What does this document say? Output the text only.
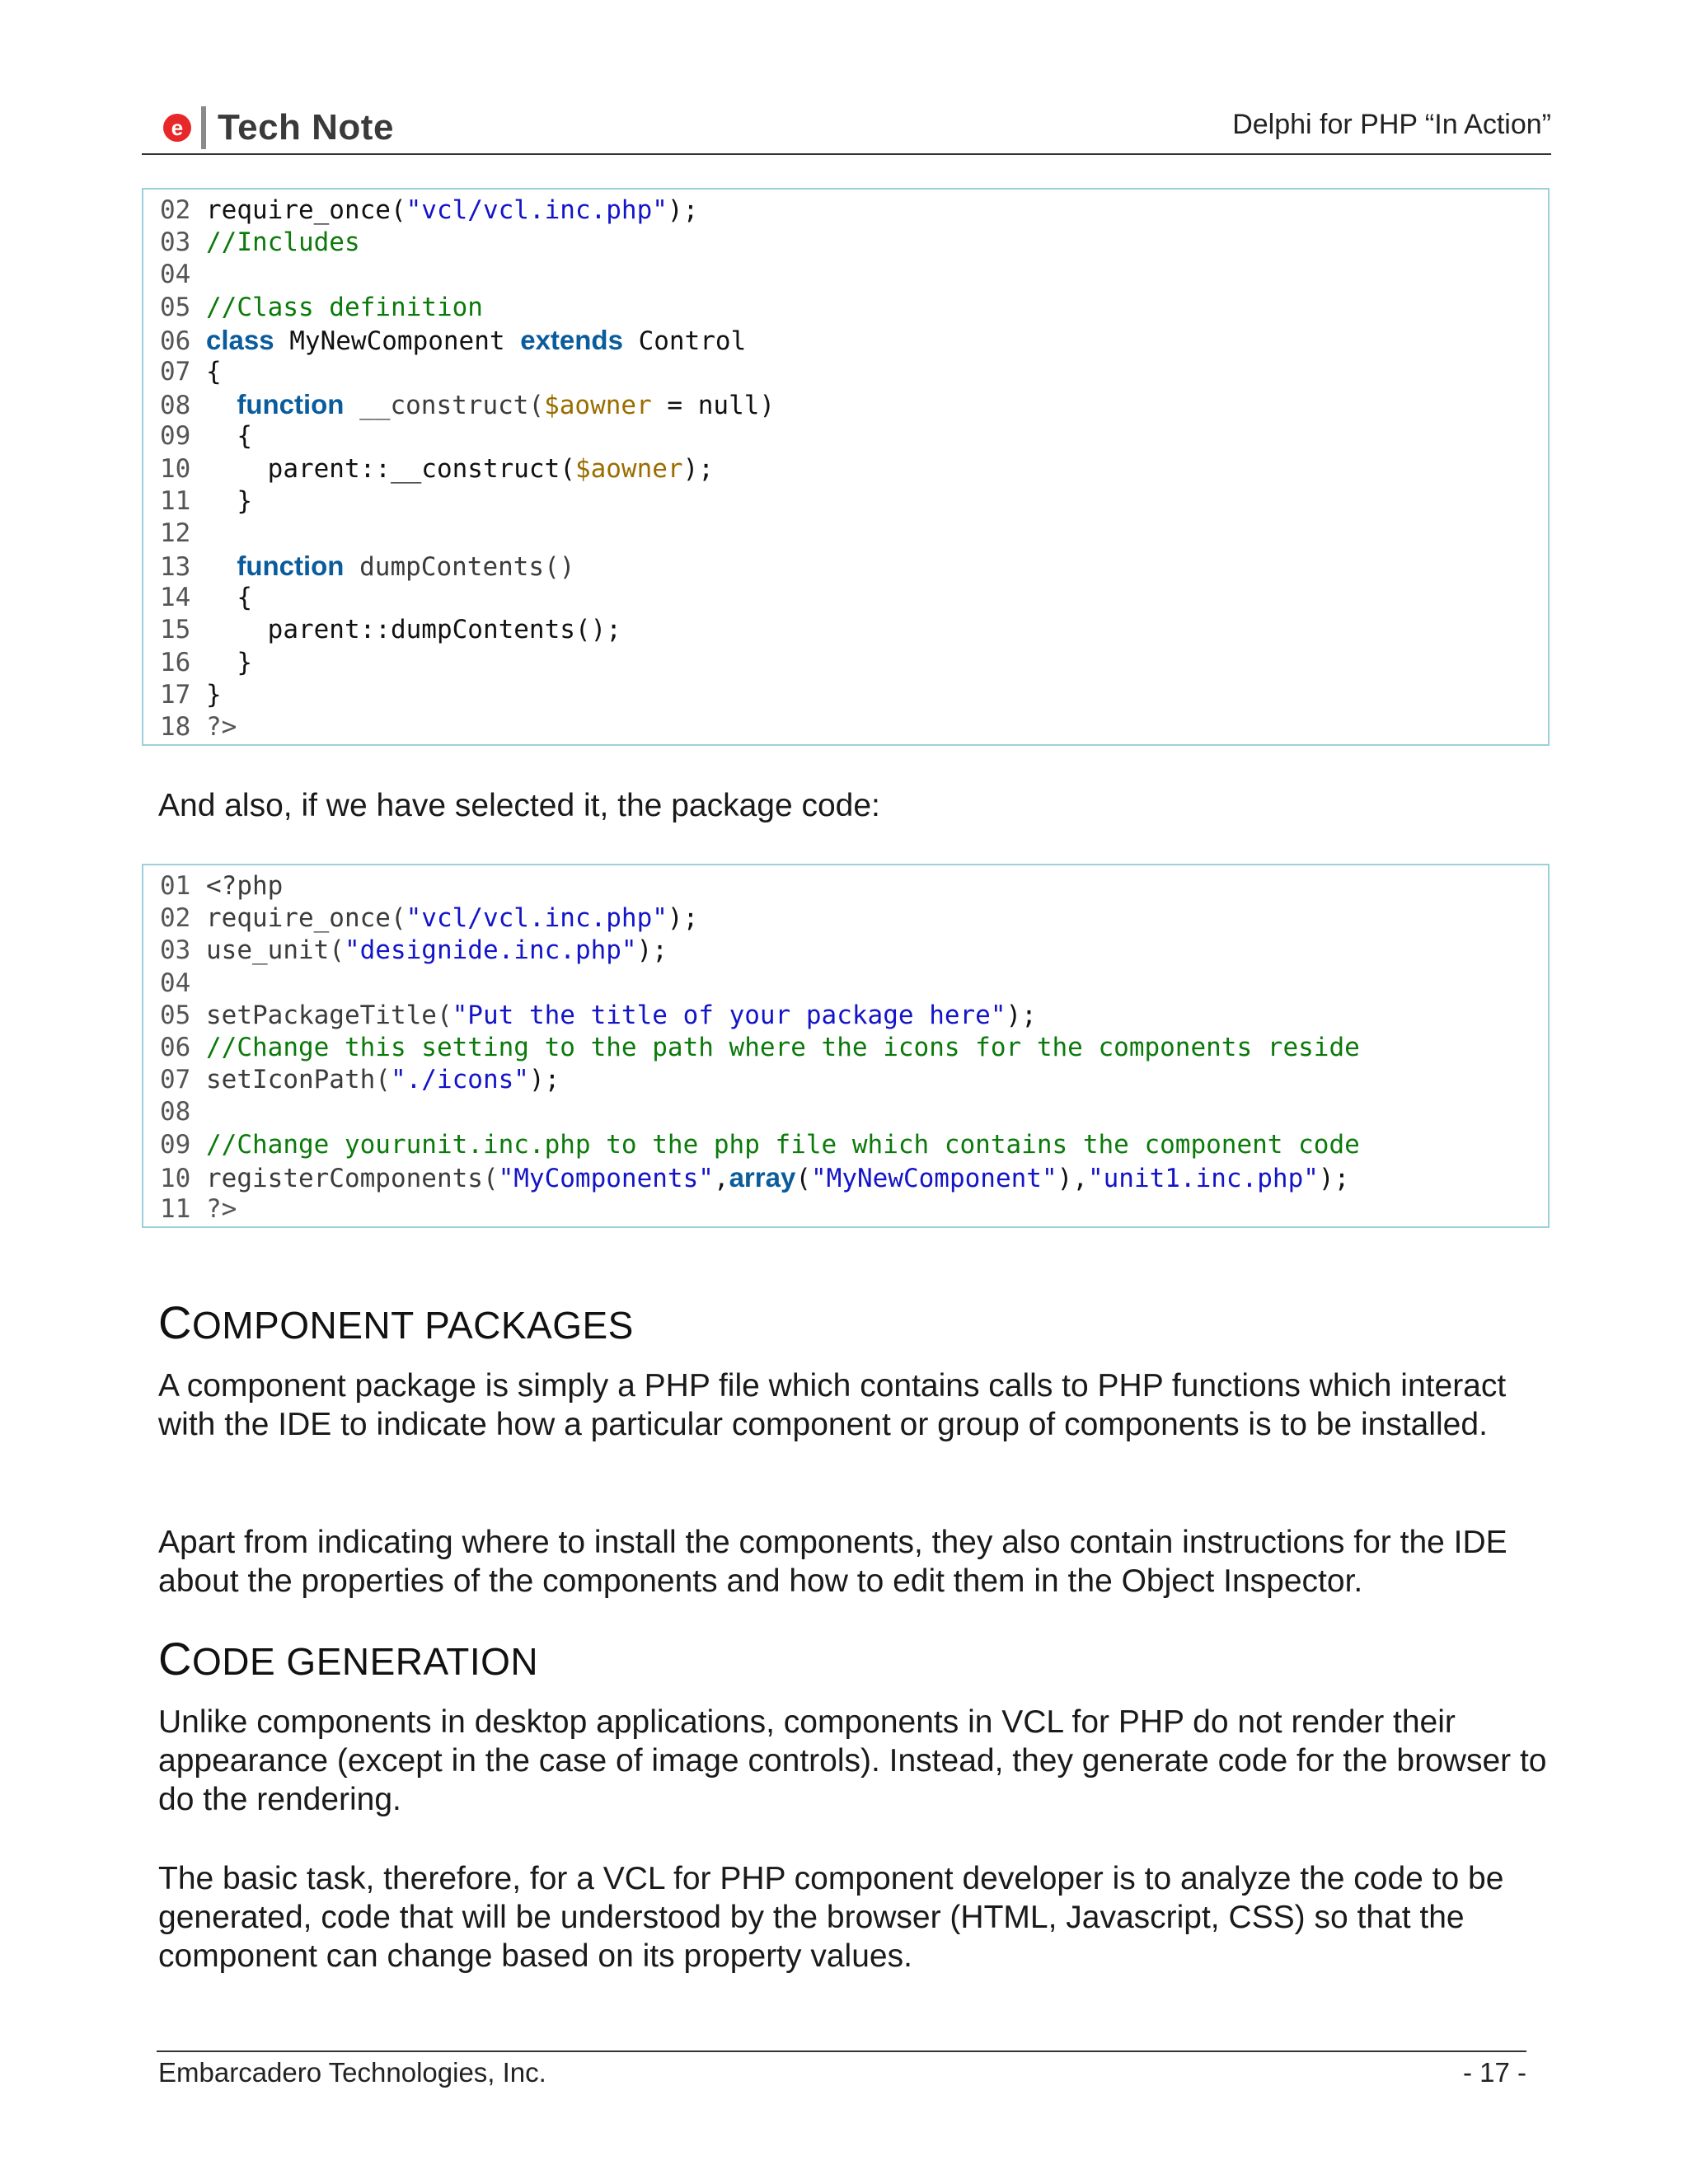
e Tech Note	Delphi for PHP “In Action”
02 require_once("vcl/vcl.inc.php");
03 //Includes
04
05 //Class definition
06 class MyNewComponent extends Control
07 {
08 function __construct($aowner = null)
09   {
10     parent::__construct($aowner);
11   }
12
13 function dumpContents()
14   {
15     parent::dumpContents();
16   }
17 }
18 ?>
And also, if we have selected it, the package code:
01 <?php
02 require_once("vcl/vcl.inc.php");
03 use_unit("designide.inc.php");
04
05 setPackageTitle("Put the title of your package here");
06 //Change this setting to the path where the icons for the components reside
07 setIconPath("./icons");
08
09 //Change yourunit.inc.php to the php file which contains the component code
10 registerComponents("MyComponents",array("MyNewComponent"),"unit1.inc.php");
11 ?>
COMPONENT PACKAGES
A component package is simply a PHP file which contains calls to PHP functions which interact with the IDE to indicate how a particular component or group of components is to be installed.
Apart from indicating where to install the components, they also contain instructions for the IDE about the properties of the components and how to edit them in the Object Inspector.
CODE GENERATION
Unlike components in desktop applications, components in VCL for PHP do not render their appearance (except in the case of image controls). Instead, they generate code for the browser to do the rendering.
The basic task, therefore, for a VCL for PHP component developer is to analyze the code to be generated, code that will be understood by the browser (HTML, Javascript, CSS) so that the component can change based on its property values.
Embarcadero Technologies, Inc.	- 17 -
